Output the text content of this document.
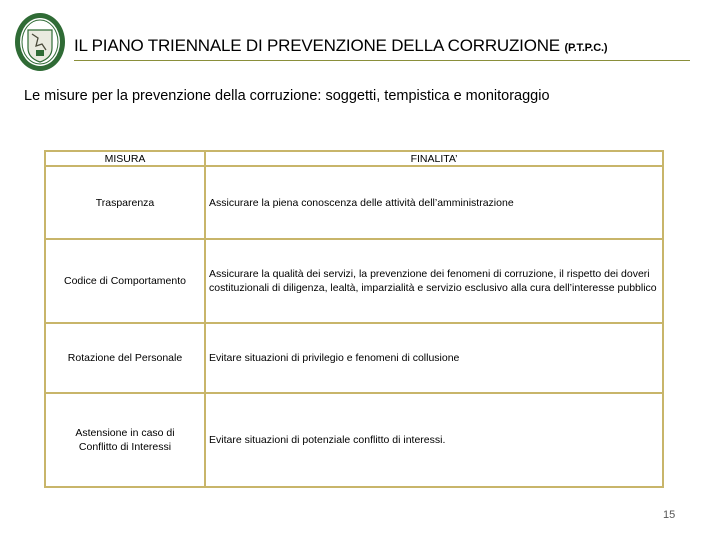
IL PIANO TRIENNALE DI PREVENZIONE DELLA CORRUZIONE (P.T.P.C.)
Le misure per la prevenzione della corruzione: soggetti, tempistica e monitoraggio
MISURA	FINALITA’
Trasparenza	Assicurare la piena conoscenza delle attività dell’amministrazione
Codice di Comportamento	Assicurare la qualità dei servizi, la prevenzione dei fenomeni di corruzione, il rispetto dei doveri costituzionali di diligenza, lealtà, imparzialità e servizio esclusivo alla cura dell’interesse pubblico
Rotazione del Personale	Evitare situazioni di privilegio e fenomeni di collusione
Astensione in caso di Conflitto di Interessi	Evitare situazioni di potenziale conflitto di interessi.
15
